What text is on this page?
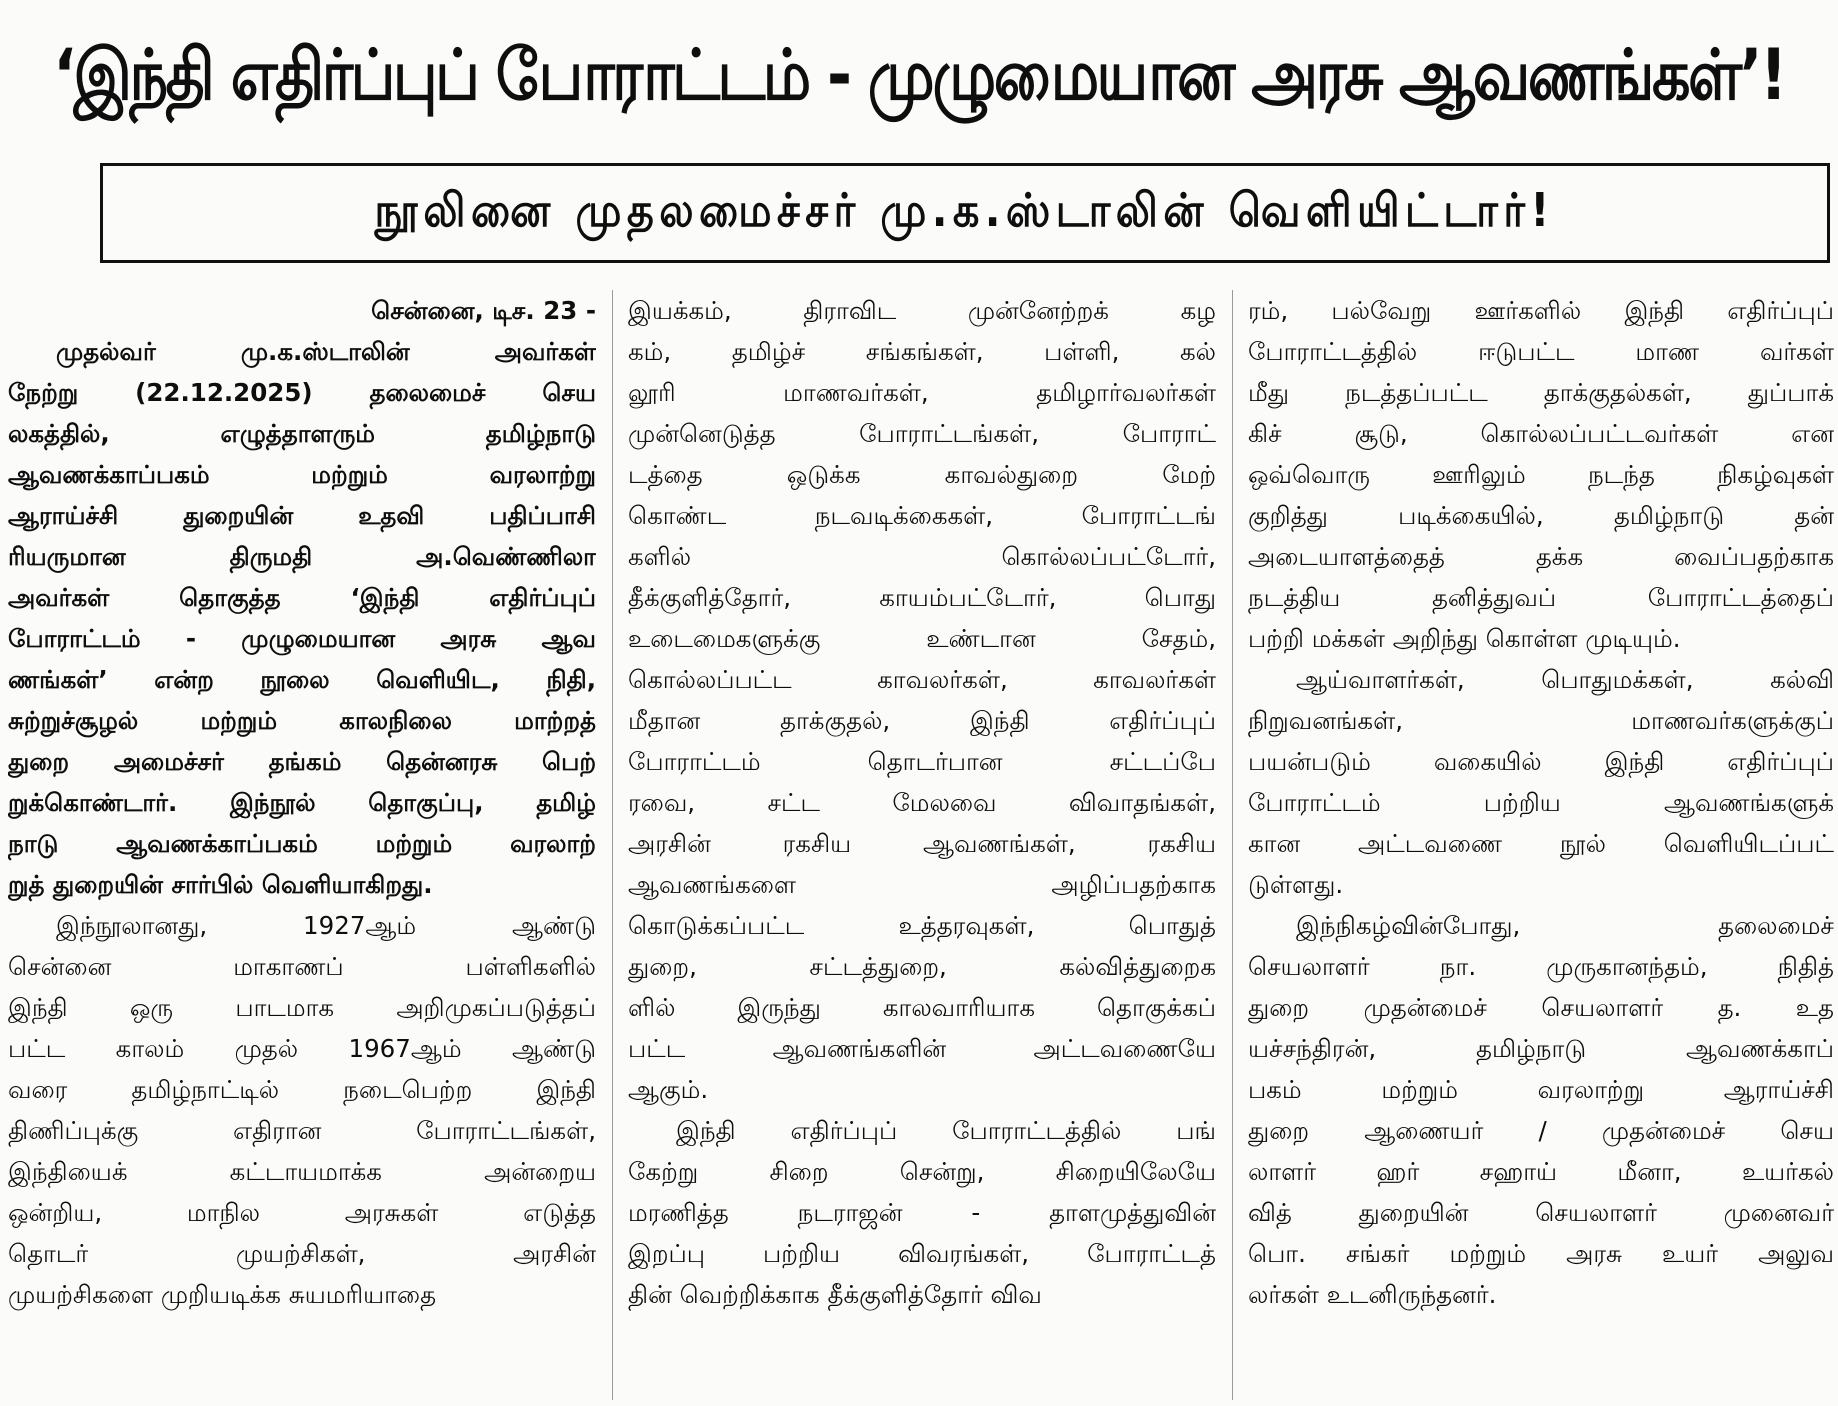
‘இந்தி எதிர்ப்புப் போராட்டம் - முழுமையான அரசு ஆவணங்கள்’!
நூலினை முதலமைச்சர் மு.க.ஸ்டாலின் வெளியிட்டார்!
சென்னை, டிச. 23 -
முதல்வர் மு.க.ஸ்டாலின் அவர்கள்
நேற்று (22.12.2025) தலைமைச் செய
லகத்தில், எழுத்தாளரும் தமிழ்நாடு
ஆவணக்காப்பகம் மற்றும் வரலாற்று
ஆராய்ச்சி துறையின் உதவி பதிப்பாசி
ரியருமான திருமதி அ.வெண்ணிலா
அவர்கள் தொகுத்த ‘இந்தி எதிர்ப்புப்
போராட்டம் - முழுமையான அரசு ஆவ
ணங்கள்’ என்ற நூலை வெளியிட, நிதி,
சுற்றுச்சூழல் மற்றும் காலநிலை மாற்றத்
துறை அமைச்சர் தங்கம் தென்னரசு பெற்
றுக்கொண்டார். இந்நூல் தொகுப்பு, தமிழ்
நாடு ஆவணக்காப்பகம் மற்றும் வரலாற்
றுத் துறையின் சார்பில் வெளியாகிறது.
இந்நூலானது, 1927ஆம் ஆண்டு
சென்னை மாகாணப் பள்ளிகளில்
இந்தி ஒரு பாடமாக அறிமுகப்படுத்தப்
பட்ட காலம் முதல் 1967ஆம் ஆண்டு
வரை தமிழ்நாட்டில் நடைபெற்ற இந்தி
திணிப்புக்கு எதிரான போராட்டங்கள்,
இந்தியைக் கட்டாயமாக்க அன்றைய
ஒன்றிய, மாநில அரசுகள் எடுத்த
தொடர் முயற்சிகள், அரசின்
முயற்சிகளை முறியடிக்க சுயமரியாதை
இயக்கம், திராவிட முன்னேற்றக் கழ
கம், தமிழ்ச் சங்கங்கள், பள்ளி, கல்
லூரி மாணவர்கள், தமிழார்வலர்கள்
முன்னெடுத்த போராட்டங்கள், போராட்
டத்தை ஒடுக்க காவல்துறை மேற்
கொண்ட நடவடிக்கைகள், போராட்டங்
களில் கொல்லப்பட்டோர்,
தீக்குளித்தோர், காயம்பட்டோர், பொது
உடைமைகளுக்கு உண்டான சேதம்,
கொல்லப்பட்ட காவலர்கள், காவலர்கள்
மீதான தாக்குதல், இந்தி எதிர்ப்புப்
போராட்டம் தொடர்பான சட்டப்பே
ரவை, சட்ட மேலவை விவாதங்கள்,
அரசின் ரகசிய ஆவணங்கள், ரகசிய
ஆவணங்களை அழிப்பதற்காக
கொடுக்கப்பட்ட உத்தரவுகள், பொதுத்
துறை, சட்டத்துறை, கல்வித்துறைக
ளில் இருந்து காலவாரியாக தொகுக்கப்
பட்ட ஆவணங்களின் அட்டவணையே
ஆகும்.
இந்தி எதிர்ப்புப் போராட்டத்தில் பங்
கேற்று சிறை சென்று, சிறையிலேயே
மரணித்த நடராஜன் - தாளமுத்துவின்
இறப்பு பற்றிய விவரங்கள், போராட்டத்
தின் வெற்றிக்காக தீக்குளித்தோர் விவ
ரம், பல்வேறு ஊர்களில் இந்தி எதிர்ப்புப்
போராட்டத்தில் ஈடுபட்ட மாண வர்கள்
மீது நடத்தப்பட்ட தாக்குதல்கள், துப்பாக்
கிச் சூடு, கொல்லப்பட்டவர்கள் என
ஒவ்வொரு ஊரிலும் நடந்த நிகழ்வுகள்
குறித்து படிக்கையில், தமிழ்நாடு தன்
அடையாளத்தைத் தக்க வைப்பதற்காக
நடத்திய தனித்துவப் போராட்டத்தைப்
பற்றி மக்கள் அறிந்து கொள்ள முடியும்.
ஆய்வாளர்கள், பொதுமக்கள், கல்வி
நிறுவனங்கள், மாணவர்களுக்குப்
பயன்படும் வகையில் இந்தி எதிர்ப்புப்
போராட்டம் பற்றிய ஆவணங்களுக்
கான அட்டவணை நூல் வெளியிடப்பட்
டுள்ளது.
இந்நிகழ்வின்போது, தலைமைச்
செயலாளர் நா. முருகானந்தம், நிதித்
துறை முதன்மைச் செயலாளர் த. உத
யச்சந்திரன், தமிழ்நாடு ஆவணக்காப்
பகம் மற்றும் வரலாற்று ஆராய்ச்சி
துறை ஆணையர் / முதன்மைச் செய
லாளர் ஹர் சஹாய் மீனா, உயர்கல்
வித் துறையின் செயலாளர் முனைவர்
பொ. சங்கர் மற்றும் அரசு உயர் அலுவ
லர்கள் உடனிருந்தனர்.
